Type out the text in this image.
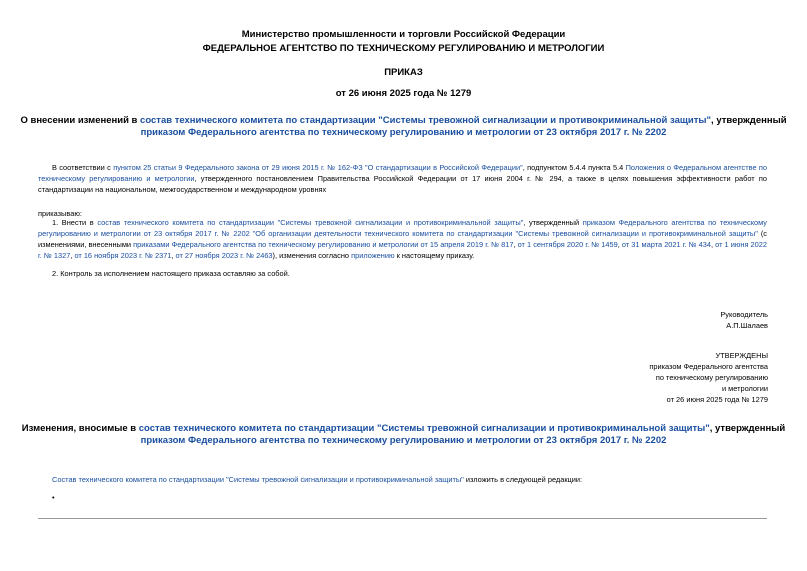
Министерство промышленности и торговли Российской Федерации
ФЕДЕРАЛЬНОЕ АГЕНТСТВО ПО ТЕХНИЧЕСКОМУ РЕГУЛИРОВАНИЮ И МЕТРОЛОГИИ
ПРИКАЗ
от 26 июня 2025 года № 1279
О внесении изменений в состав технического комитета по стандартизации "Системы тревожной сигнализации и противокриминальной защиты", утвержденный
приказом Федерального агентства по техническому регулированию и метрологии от 23 октября 2017 г. № 2202
В соответствии с пунктом 25 статьи 9 Федерального закона от 29 июня 2015 г. № 162-ФЗ "О стандартизации в Российской Федерации", подпунктом 5.4.4 пункта 5.4 Положения о Федеральном агентстве по техническому регулированию и метрологии, утвержденного постановлением Правительства Российской Федерации от 17 июня 2004 г. № 294, а также в целях повышения эффективности работ по стандартизации на национальном, межгосударственном и международном уровнях
приказываю:
1. Внести в состав технического комитета по стандартизации "Системы тревожной сигнализации и противокриминальной защиты", утвержденный приказом Федерального агентства по техническому регулированию и метрологии от 23 октября 2017 г. № 2202 "Об организации деятельности технического комитета по стандартизации "Системы тревожной сигнализации и противокриминальной защиты" (с изменениями, внесенными приказами Федерального агентства по техническому регулированию и метрологии от 15 апреля 2019 г. № 817, от 1 сентября 2020 г. № 1459, от 31 марта 2021 г. № 434, от 1 июня 2022 г. № 1327, от 16 ноября 2023 г. № 2371, от 27 ноября 2023 г. № 2463), изменения согласно приложению к настоящему приказу.
2. Контроль за исполнением настоящего приказа оставляю за собой.
Руководитель
А.П.Шалаев
УТВЕРЖДЕНЫ
приказом Федерального агентства
по техническому регулированию
и метрологии
от 26 июня 2025 года № 1279
Изменения, вносимые в состав технического комитета по стандартизации "Системы тревожной сигнализации и противокриминальной защиты", утвержденный
приказом Федерального агентства по техническому регулированию и метрологии от 23 октября 2017 г. № 2202
Состав технического комитета по стандартизации "Системы тревожной сигнализации и противокриминальной защиты" изложить в следующей редакции:
•
